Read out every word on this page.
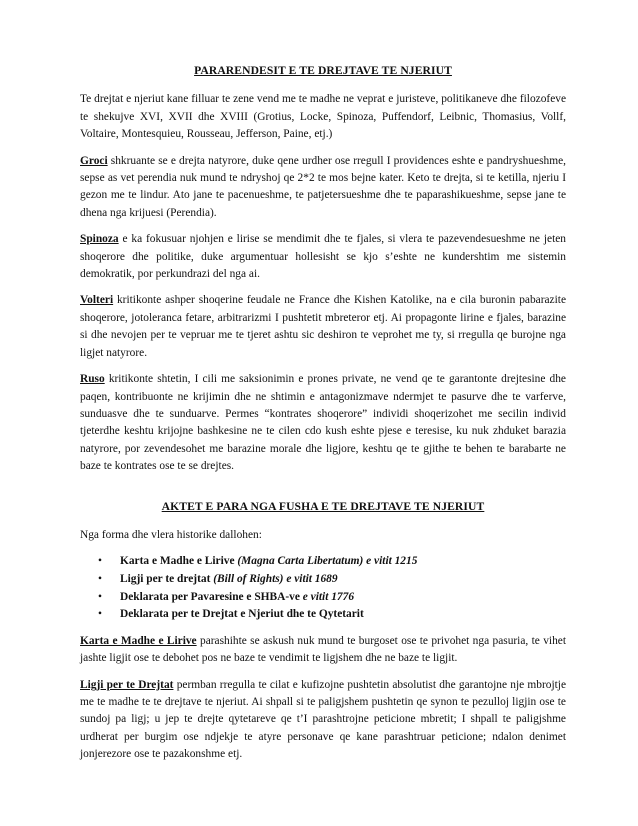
PARARENDESIT E TE DREJTAVE TE NJERIUT

Te drejtat e njeriut kane filluar te zene vend me te madhe ne veprat e juristeve, politikaneve dhe filozofeve te shekujve XVI, XVII dhe XVIII (Grotius, Locke, Spinoza, Puffendorf, Leibnic, Thomasius, Vollf, Voltaire, Montesquieu, Rousseau, Jefferson, Paine, etj.)

Groci shkruante se e drejta natyrore, duke qene urdher ose rregull I providences eshte e pandryshueshme, sepse as vet perendia nuk mund te ndryshoj qe 2*2 te mos bejne kater. Keto te drejta, si te ketilla, njeriu I gezon me te lindur. Ato jane te pacenueshme, te patjetersueshme dhe te paparashikueshme, sepse jane te dhena nga krijuesi (Perendia).

Spinoza e ka fokusuar njohjen e lirise se mendimit dhe te fjales, si vlera te pazevendesueshme ne jeten shoqerore dhe politike, duke argumentuar hollesisht se kjo s’eshte ne kundershtim me sistemin demokratik, por perkundrazi del nga ai.

Volteri kritikonte ashper shoqerine feudale ne France dhe Kishen Katolike, na e cila buronin pabarazite shoqerore, jotoleranca fetare, arbitrarizmi I pushtetit mbreteror etj. Ai propagonte lirine e fjales, barazine si dhe nevojen per te vepruar me te tjeret ashtu sic deshiron te veprohet me ty, si rregulla qe burojne nga ligjet natyrore.

Ruso kritikonte shtetin, I cili me saksionimin e prones private, ne vend qe te garantonte drejtesine dhe paqen, kontribuonte ne krijimin dhe ne shtimin e antagonizmave ndermjet te pasurve dhe te varferve, sunduasve dhe te sunduarve. Permes “kontrates shoqerore” individi shoqerizohet me secilin individ tjeterdhe keshtu krijojne bashkesine ne te cilen cdo kush eshte pjese e teresise, ku nuk zhduket barazia natyrore, por zevendesohet me barazine morale dhe ligjore, keshtu qe te gjithe te behen te barabarte ne baze te kontrates ose te se drejtes.

AKTET E PARA NGA FUSHA E TE DREJTAVE TE NJERIUT

Nga forma dhe vlera historike dallohen:

• Karta e Madhe e Lirive (Magna Carta Libertatum) e vitit 1215
• Ligji per te drejtat (Bill of Rights) e vitit 1689
• Deklarata per Pavaresine e SHBA-ve e vitit 1776
• Deklarata per te Drejtat e Njeriut dhe te Qytetarit

Karta e Madhe e Lirive parashihte se askush nuk mund te burgoset ose te privohet nga pasuria, te vihet jashte ligjit ose te debohet pos ne baze te vendimit te ligjshem dhe ne baze te ligjit.

Ligji per te Drejtat permban rregulla te cilat e kufizojne pushtetin absolutist dhe garantojne nje mbrojtje me te madhe te te drejtave te njeriut. Ai shpall si te paligjshem pushtetin qe synon te pezulloj ligjin ose te sundoj pa ligj; u jep te drejte qytetareve qe t’I parashtrojne peticione mbretit; I shpall te paligjshme urdherat per burgim ose ndjekje te atyre personave qe kane parashtruar peticione; ndalon denimet jonjerezore ose te pazakonshme etj.
